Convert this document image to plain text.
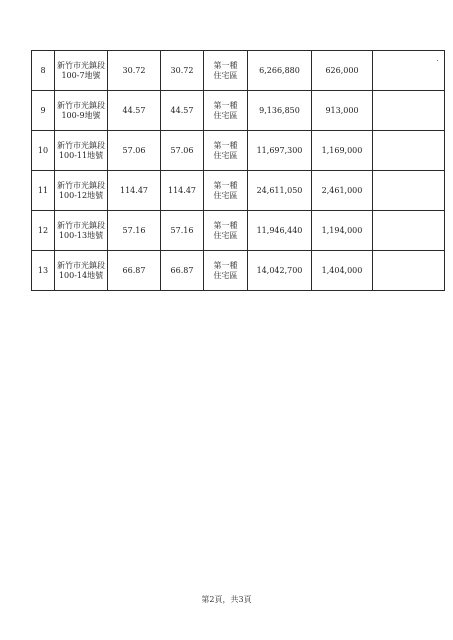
8	新竹市光鎮段
100-7地號	30.72	30.72	第一種
住宅區	6,266,880	626,000	
9	新竹市光鎮段
100-9地號	44.57	44.57	第一種
住宅區	9,136,850	913,000	
10	新竹市光鎮段
100-11地號	57.06	57.06	第一種
住宅區	11,697,300	1,169,000	
11	新竹市光鎮段
100-12地號	114.47	114.47	第一種
住宅區	24,611,050	2,461,000	
12	新竹市光鎮段
100-13地號	57.16	57.16	第一種
住宅區	11,946,440	1,194,000	
13	新竹市光鎮段
100-14地號	66.87	66.87	第一種
住宅區	14,042,700	1,404,000	
第2頁，共3頁
